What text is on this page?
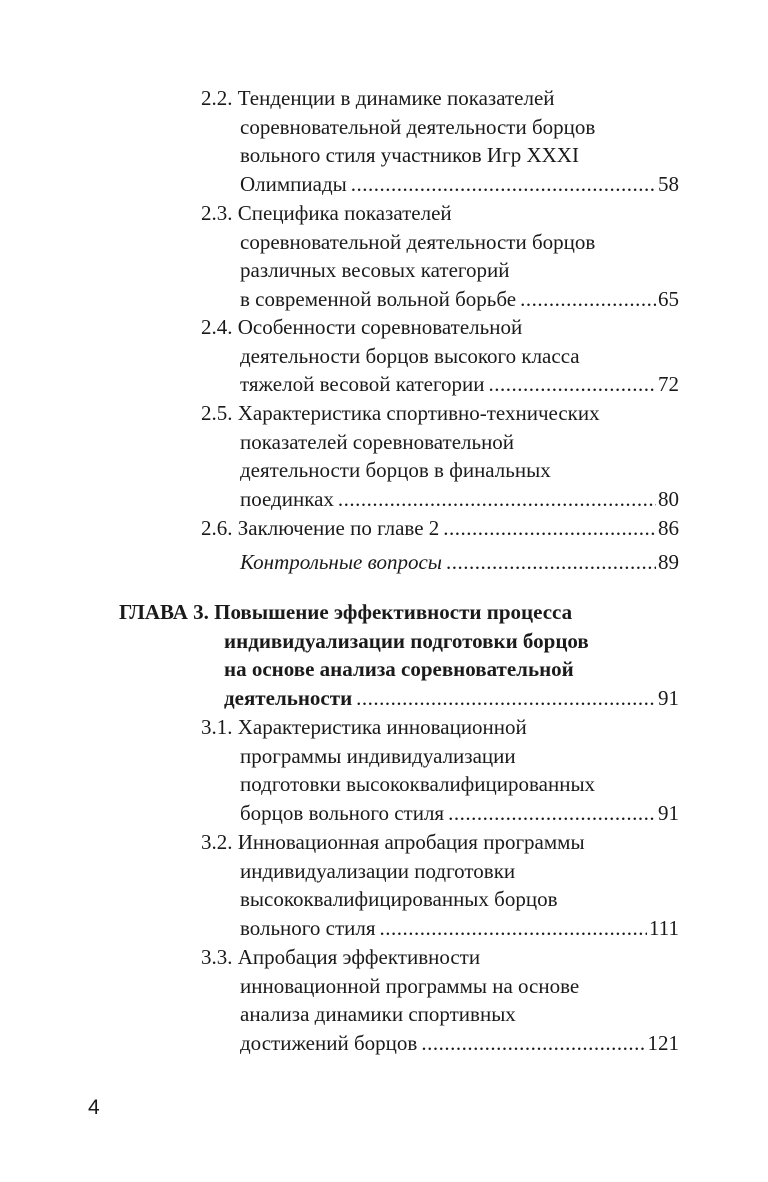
2.2. Тенденции в динамике показателей
соревновательной деятельности борцов
вольного стиля участников Игр XXXI
Олимпиады .....	58
2.3. Специфика показателей
соревновательной деятельности борцов
различных весовых категорий
в современной вольной борьбе .....	65
2.4. Особенности соревновательной
деятельности борцов высокого класса
тяжелой весовой категории .....	72
2.5. Характеристика спортивно-технических
показателей соревновательной
деятельности борцов в финальных
поединках .....	80
2.6. Заключение по главе 2 .....	86
Контрольные вопросы .....	89
ГЛАВА 3. Повышение эффективности процесса
индивидуализации подготовки борцов
на основе анализа соревновательной
деятельности .....	91
3.1. Характеристика инновационной
программы индивидуализации
подготовки высококвалифицированных
борцов вольного стиля .....	91
3.2. Инновационная апробация программы
индивидуализации подготовки
высококвалифицированных борцов
вольного стиля .....	111
3.3. Апробация эффективности
инновационной программы на основе
анализа динамики спортивных
достижений борцов .....	121
4
